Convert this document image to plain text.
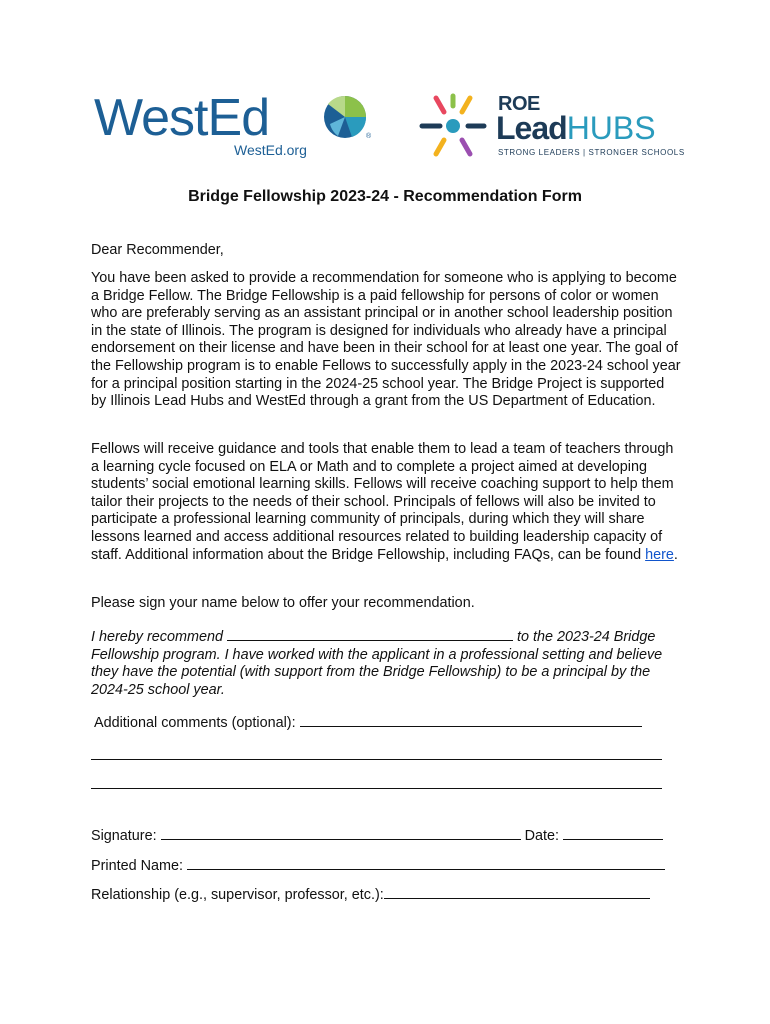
WestEd	®
WestEd.org
ROE
LeadHUBS
STRONG LEADERS | STRONGER SCHOOLS
Bridge Fellowship 2023-24 - Recommendation Form

Dear Recommender,

You have been asked to provide a recommendation for someone who is applying to become a Bridge Fellow. The Bridge Fellowship is a paid fellowship for persons of color or women who are preferably serving as an assistant principal or in another school leadership position in the state of Illinois. The program is designed for individuals who already have a principal endorsement on their license and have been in their school for at least one year. The goal of the Fellowship program is to enable Fellows to successfully apply in the 2023-24 school year for a principal position starting in the 2024-25 school year. The Bridge Project is supported by Illinois Lead Hubs and WestEd through a grant from the US Department of Education.

Fellows will receive guidance and tools that enable them to lead a team of teachers through a learning cycle focused on ELA or Math and to complete a project aimed at developing students’ social emotional learning skills. Fellows will receive coaching support to help them tailor their projects to the needs of their school. Principals of fellows will also be invited to participate a professional learning community of principals, during which they will share lessons learned and access additional resources related to building leadership capacity of staff. Additional information about the Bridge Fellowship, including FAQs, can be found here.

Please sign your name below to offer your recommendation.

I hereby recommend	to the 2023-24 Bridge Fellowship program. I have worked with the applicant in a professional setting and believe they have the potential (with support from the Bridge Fellowship) to be a principal by the 2024-25 school year.

Additional comments (optional):
Signature:	Date:
Printed Name:
Relationship (e.g., supervisor, professor, etc.):
